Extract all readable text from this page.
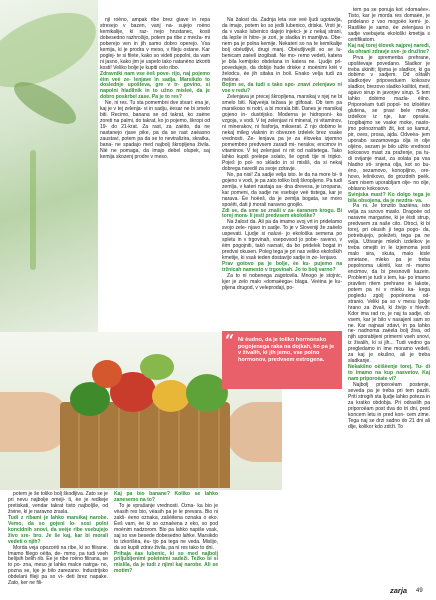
nji roèno, ampak ribe brez glave in repa stresejo v bazen, vanj na- sujejo roèno kemikalije, ki raz- nejo hrustanec, kosti dobesedno razhrošijo, potem pa ribe z mreža- mi poberejo ven in jih samo dobro operejo. Vsa kemija, ki je prodra v meso, v fileju ostane. Kar poglej- te si filete, kako so videti popolni, da vam ni jasno, kako jim je uspelo tako natanèno izkoriti kosti! Veliko bolje je kupiti celo ribo.

Zdravniki nam vse èeš pove- rijo, naj pojemo èim veè ze- lenjave in sadja. Marsikdo to doslednje upošteva, gre v tr- govino, si napolni hladilnik in to užno misleè, da je dobro poskrbel zase. Pa je to res?

Ne, ni res. Tu sta pomembni dve stvari: ena je, kaj je v tej zelenja- vi in sadju, èesar ne bi smelo biti. Recimo, banana se od takrat, ko zaène zoreti na palmi, do takrat, ko jo pojemo, škropi od 19- do 21-krat. Za rast, za zaèito, da ne nastanejo rjave pike, pa da se rast zaèasno zaustavi, potem pa da se to nevtralizira, skratka, bana- ne spadajo med najbolj škropljena živila. Niè ne pomaga, da imajo debel olupek, saj kemija skozenj prodre v meso.

potem je še toliko bolj škodljiva. Zato se je pri nevu najbolje omeji- ti, èe je redkeje pretiskati, vendar takrat tisto najboljše, od živine, ki je naravno zrasla.

Tudi z ribami je lahko marsikaj narobe. Vemo, da so gojeni lo- sosi polni koncidnih snovi, da veèje ribe vsebujejo živo sre- bro. Je še kaj, kar bi morali vedeti o njih?

Morda veja opozoriti na ribe, ki so filirane. Imamo filego oèita, de- mmo, pa tudi vseh belijsih belih rib. Èe je ribe roèno filirana, se to po- zna, meso je lahko malce natrga- no, pozna se, kje je bilo zarezano. Industrijsko obdelani fileji pa so vi- deti brez napake. Zato, ker ne fili-

Na žalost da. Zadnja leta vse veè ljudi ugotavlja, da imajo, potem ko so jedli lubenico, driska. Vrsti je, da v vsako lubenico dajejo injekci- je z nekaj strani, da lepše in hitre- je zori, je sladka in mamljiva. Obe- nem pa je polna kemije. Nekateri so na te kemikalije bolj obèutljivi, drugi manj. Obèutljivejši so se lu- benicam zaèeli izogibati. Ne mo- remo vedeti, katera je bila kemijsko obdelana in katera ne. Ljudje pri- povedujejo, da dobijo hude driske z moènimi krèi v želodcu, èe jih sitaka in boli. Enako velja tudi za melone.

Bojim se, da tudi s tako spo- znavi zelenjavo ni vse v redu?

Zelenjava je precej škropljena, marsikaj v njej ne bi smelo biti. Najveèja težava je glifosat. Ob tem pa marsikoso ni notri, a bi morala biti. Danes je marsikaj gojeno in- dustrijsko. Moderna je hidroponi- ka vzgoja, v vodi. V tej zelenjavi ni mineral, ni vitaminov, ni minerakov, ni fosforja, mikserat. Z njo dobimo le nekaj mileg vlaknin in obvezen izdelek brez vsake vrednosti. Ze- lenjava pa je za èloveka izjemno pomembno predvsem zaradi mi- neralov, encimov in vitaminov. V tej zelenjavi ni nit od naštetega. Tako lahko kupiš prelepe solato, še ogrsti tije ni tripko. Poješ jo pol- no sklado in si misliš, da si nekaj dobrega naredil za svoje zdravje.

No, pa nisi! Za sadje velja isto. Ie da na more bi- ti gojeno v vodi, je pa zato toliko bolj škropljeno. Pa tudi zemlja, v kateri nastaja sa- dna drevesa, je izropana, kar pomeni, da sadje ne vsebuje veè tistega, kar je narava. Èe hoèeš, da je zemlja bogata, se moro spoèiti, dati ji morali naravno gnojilo.

Zdi se, da sme se znaši v za- èaranem krogu. Bi torej mora- li jesti predvsem ekološke?

Na žalost da. Ali pa da imamo svoj vrt in pridelamo svojo zele- njavo in sadje. To je v Sloveniji že zaèelo uspevati. Ljudje si naluvi- jo ekološka semena po spletu in v trgovinah, vsepovsod jo pobe- raveno, v èim pogojniti, takò ravnati, da bo pridelek bogat in predvsi okusen. Poleg tega je pri nas veliko ekoloških kmetije, ki vsak teden dostavijo sadje in ze- lenjavo.

Prav gotovo pa je bolje, èe ku- pujemo na tržnicah namesto v trgovinah. Jo to bolj varno?

Za to ni nobenega zagotovila. Mnogo je stojnic, kjer je zelo malo »domaèega« blaga. Veèina je ku- pljena drugod, v veleprodaji, po-

Kaj pa bio banane? Koliko se lahko zanesemo na to?

To je vprašanje vrednosti. Ozna- ka bio je vèasih res bio, vèasih pa je le prevara. Bio ni zakli- èeno oznaka, zašèitena oznaka o eko. Èeš vam, èe ki so oznaèena z eko, so pod moènim nadzorom. Bio pa lahko napiše vsak, saj so vse besede dobesedno lahke. Marsikdo to izkorišèa, èu- tjo pa tega ne veda. Mislijo, da so kupili zdrav živila, pa ni res tako to dni.

Prihaja èas lubenic, ki so med najbolj priljubljenimi poletnimi sadeži. Težko bi si mislila, da je tudi z njimi kaj narobe. Ali se motim?

tem pa se ponuja kot »domaèe«. Tisto, kar je morda res domaèe, je pridelano z vso mogoèo kemi- jo. Rastlike je samo, èe zelenjava in sadje vsebujeta ekološki kmetija s certifikatom.

Kaj naj torej èlovek najprej naredi, da ohrani zdravje sve- je družine?

Prva je spremenba prehrane, upoštevaje povedano. Sladkor je treba ukiniti; lijsma je sladkor, ki ga dobimo v sadjem. Od oštalih sladkorjev pripoveduem kokosov sladkor, brezovo sladko ksilitol, med, agavo sirup in javorjev sirup. S tem lahko dobimo mazla- èilno. Priporoèam tudi popol- no izloèitev glutena, se pravi bele moke, izdelkov iz nje, kar opraèa. Izogibajmo se vsake moke, nasto- jmo polnozrnatih žit, kot so kamut, pir, oves, prosa, ajda. Odveèa- jem uporabo sezamovega olja in olje oljèno, sezam je bilo užito vrednost kokosovo mast za praženje, pa tu- di ovijanje mast, za solata pa vsa hladno sti- snjena olja, kot so bu- èno, sezamovo, konopljino, ore- hovo, lešnikovo, do grozdnih peèk. Sam nisem uporabljam olje- no olje, oblasno kokosovo.

Svinjska mast? Ko dolgo tega je bila obsojena, da je nezdra- va.

Pa ni. Je tonzito bazièna, isto velja za surovo maslo. Dragoèe od naravne margarine, ki je èisti strup, predvsem za naše cito. Otroci, ki bi torej, pri okusih ji tega pogo- da, potrebujejo, poležeti, tega pa ne velja. Uživanje mlekih izdelkov je treba omejiti in le izjemoma jesti malo sira, skuta, malo kisle smetane, mleko pa je treba popolnoma ukiniti, kar ni- mamo encimov, da bi presnovili kazein. Problem je tudi v tem, ka- po imamo pravilen ritem prehrane in lakote, potem pa ni v mleku ka- kega pogledu zgolj popolnoma od- stranio. Veliki pa so v mesu ljudje hrano za živali, ki živijo v hlevih. Kdor ima rad ro, je naj ta sadje, ob vsem, kar je bilo v nasajeni sam so ne. Kar najnasi zdavi, in pa lahko ne- nadnoma zaèela bolj živa, od njih uporabljeni primerni vseh snovi, iz živalih, ki si jih... Tudi vedno ga pregledamo in ime moramo vedeti, za kaj je okušno, ali je treba sladkanje.

Nekakšno oèišèenje torej. Tu- di to imamo na kup nasvetov. Kaj nam priporoèate vi?

Najbolj priporoèam postenje, seveda pa je treba pri tem paziti. Priti strogih sta ljudje lahko poteza in za kratko obdobja. Pri odraslih pa priporoèam post dva do tri dni, pred koncem letu in pred kon- cem zime. Tega naj se drzi sadno do 21 dni ali dlje, kolikor kdo zdrži. To

“ Ni èudno, da je toliko hormonsko pogojenega raka na dojkah, ko pa je v živalih, ki jih jemo, vse polno hormonov, predvsem estrogena.
zarja 49
